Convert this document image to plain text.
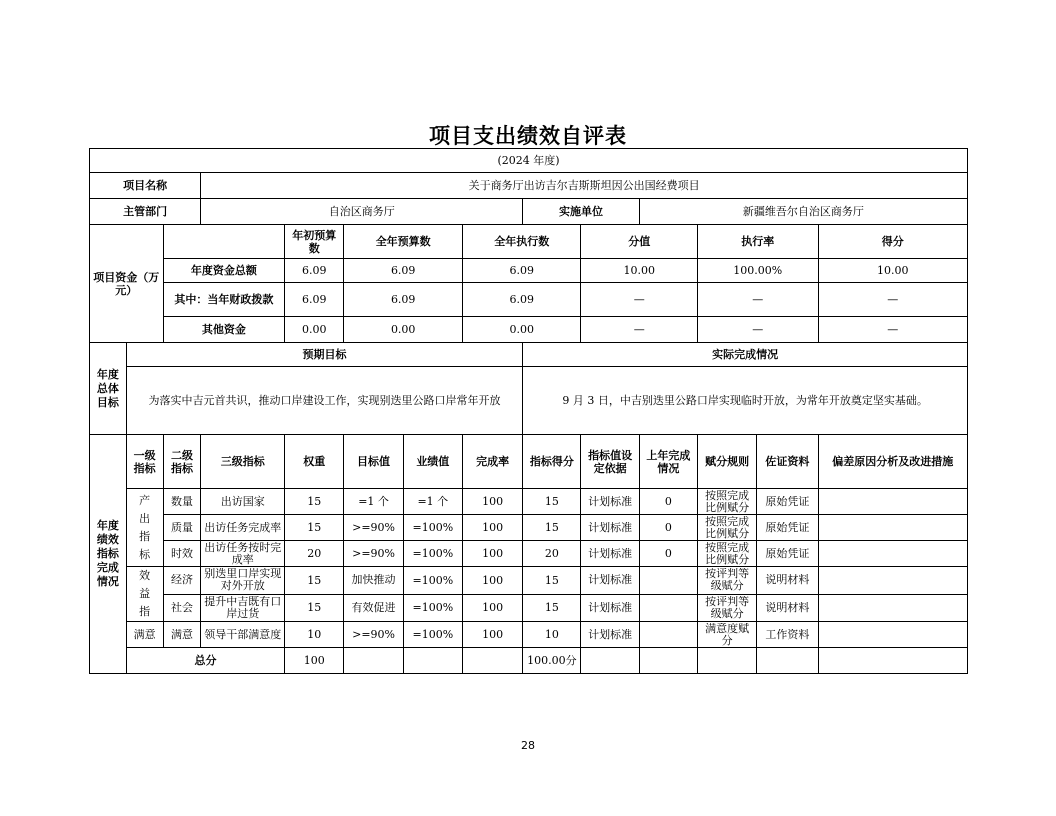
项目支出绩效自评表
(2024 年度)													
项目名称			关于商务厅出访吉尔吉斯斯坦因公出国经费项目										
主管部门			自治区商务厅					实施单位		新疆维吾尔自治区商务厅			
项目资金（万元）				年初预算数	全年预算数		全年执行数		分值		执行率		得分
		年度资金总额		6.09	6.09		6.09		10.00		100.00%		10.00
		其中：当年财政拨款		6.09	6.09		6.09		—		—		—
		其他资金		0.00	0.00		0.00		—		—		—
年度总体目标	预期目标							实际完成情况					
	为落实中吉元首共识，推动口岸建设工作，实现别迭里公路口岸常年开放							9 月 3 日，中吉别迭里公路口岸实现临时开放，为常年开放奠定坚实基础。					
年度绩效指标完成情况	一级指标	二级指标	三级指标	权重	目标值	业绩值	完成率	指标得分	指标值设定依据	上年完成情况	赋分规则	佐证资料	偏差原因分析及改进措施
	产出指标	数量	出访国家	15	=1 个	=1 个	100	15	计划标准	0	按照完成比例赋分	原始凭证	

		质量	出访任务完成率	15	>=90%	=100%	100	15	计划标准	0	按照完成比例赋分	原始凭证	

		时效	出访任务按时完成率	20	>=90%	=100%	100	20	计划标准	0	按照完成比例赋分	原始凭证	

	效益指	经济	别迭里口岸实现对外开放	15	加快推动	=100%	100	15	计划标准		按评判等级赋分	说明材料	

		社会	提升中吉既有口岸过货	15	有效促进	=100%	100	15	计划标准		按评判等级赋分	说明材料	

	满意	满意	领导干部满意度	10	>=90%	=100%	100	10	计划标准		满意度赋分	工作资料	

	总分			100				100.00分					

28
